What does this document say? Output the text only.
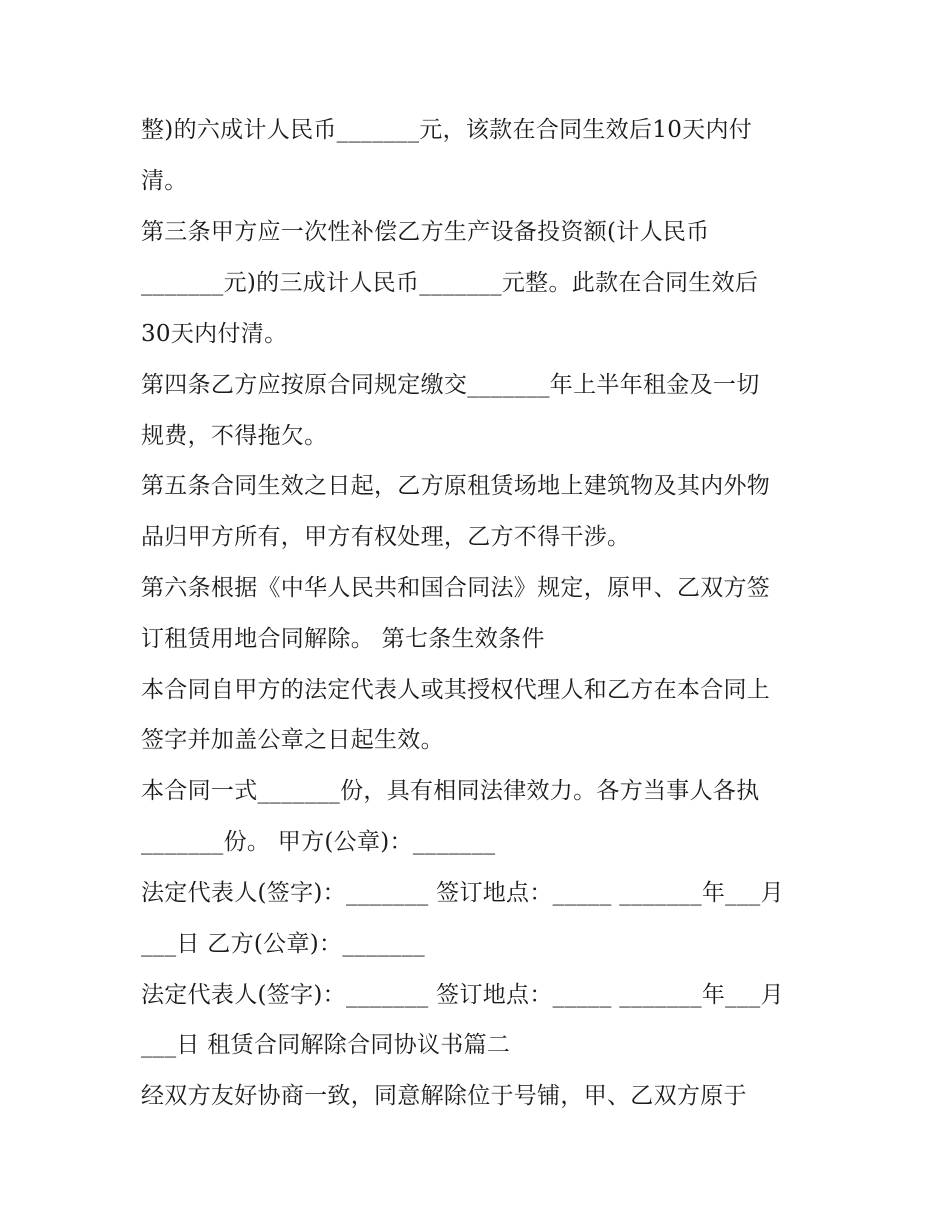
整)的六成计人民币_______元，该款在合同生效后10天内付
清。
第三条甲方应一次性补偿乙方生产设备投资额(计人民币
_______元)的三成计人民币_______元整。此款在合同生效后
30天内付清。
第四条乙方应按原合同规定缴交_______年上半年租金及一切
规费，不得拖欠。
第五条合同生效之日起，乙方原租赁场地上建筑物及其内外物
品归甲方所有，甲方有权处理，乙方不得干涉。
第六条根据《中华人民共和国合同法》规定，原甲、乙双方签
订租赁用地合同解除。 第七条生效条件
本合同自甲方的法定代表人或其授权代理人和乙方在本合同上
签字并加盖公章之日起生效。
本合同一式_______份，具有相同法律效力。各方当事人各执
_______份。 甲方(公章)：_______
法定代表人(签字)：_______ 签订地点：_____ _______年___月
___日 乙方(公章)：_______
法定代表人(签字)：_______ 签订地点：_____ _______年___月
___日 租赁合同解除合同协议书篇二
经双方友好协商一致，同意解除位于号铺，甲、乙双方原于
